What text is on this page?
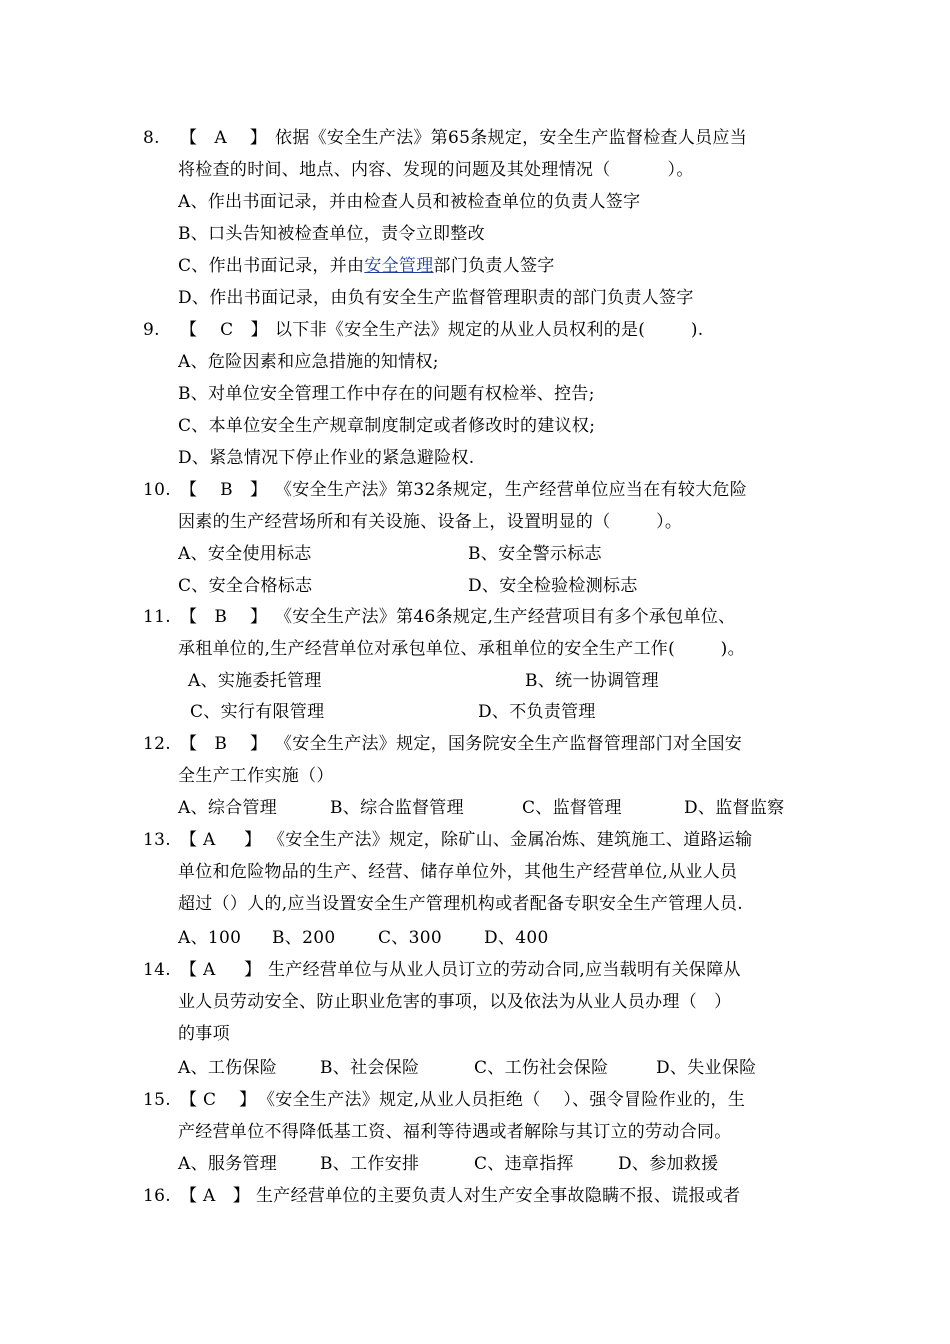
8. 【   A    】 依据《安全生产法》第65条规定，安全生产监督检查人员应当
将检查的时间、地点、内容、发现的问题及其处理情况（          ）。
A、作出书面记录，并由检查人员和被检查单位的负责人签字
B、口头告知被检查单位，责令立即整改
C、作出书面记录，并由安全管理部门负责人签字
D、作出书面记录，由负有安全生产监督管理职责的部门负责人签字
9. 【    C   】 以下非《安全生产法》规定的从业人员权利的是(        ).
A、危险因素和应急措施的知情权;
B、对单位安全管理工作中存在的问题有权检举、控告;
C、本单位安全生产规章制度制定或者修改时的建议权;
D、紧急情况下停止作业的紧急避险权.
10. 【    B   】 《安全生产法》第32条规定，生产经营单位应当在有较大危险
因素的生产经营场所和有关设施、设备上，设置明显的（        ）。
A、安全使用标志	B、安全警示标志
C、安全合格标志	D、安全检验检测标志
11. 【   B    】 《安全生产法》第46条规定,生产经营项目有多个承包单位、
承租单位的,生产经营单位对承包单位、承租单位的安全生产工作(        )。
A、实施委托管理	B、统一协调管理
C、实行有限管理	D、不负责管理
12. 【   B    】 《安全生产法》规定，国务院安全生产监督管理部门对全国安
全生产工作实施（）
A、综合管理	B、综合监督管理	C、监督管理	D、监督监察
13. 【 A     】 《安全生产法》规定，除矿山、金属冶炼、建筑施工、道路运输
单位和危险物品的生产、经营、储存单位外，其他生产经营单位,从业人员
超过（）人的,应当设置安全生产管理机构或者配备专职安全生产管理人员.
A、100 B、200	C、300 D、400
14. 【 A     】 生产经营单位与从业人员订立的劳动合同,应当载明有关保障从
业人员劳动安全、防止职业危害的事项，以及依法为从业人员办理（   ）
的事项
A、工伤保险	B、社会保险	C、工伤社会保险	D、失业保险
15. 【 C    】 《安全生产法》规定,从业人员拒绝（    ）、强令冒险作业的，生
产经营单位不得降低基工资、福利等待遇或者解除与其订立的劳动合同。
A、服务管理	B、工作安排	C、违章指挥	D、参加救援
16. 【 A   】 生产经营单位的主要负责人对生产安全事故隐瞒不报、谎报或者
